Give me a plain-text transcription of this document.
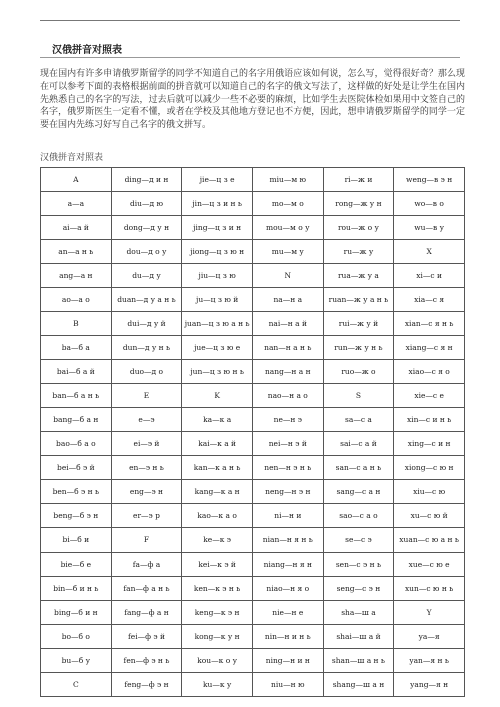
汉俄拼音对照表
现在国内有许多申请俄罗斯留学的同学不知道自己的名字用俄语应该如何说，怎么写，觉得很好奇？那么现在可以参考下面的表格根据前面的拼音就可以知道自己的名字的俄文写法了，这样做的好处是让学生在国内先熟悉自己的名字的写法，过去后就可以减少一些不必要的麻烦，比如学生去医院体检如果用中文签自己的名字，俄罗斯医生一定看不懂，或者在学校及其他地方登记也不方便，因此，想申请俄罗斯留学的同学一定要在国内先练习好写自己名字的俄文拼写。
汉俄拼音对照表
A	ding—д и н	jie—ц з е	miu—м ю	ri—ж и	weng—в э н
a—а	diu—д ю	jin—ц з и н ь	mo—м о	rong—ж у н	wo—в о
ai—а й	dong—д у н	jing—ц з и н	mou—м о у	rou—ж о у	wu—в у
an—а н ь	dou—д о у	jiong—ц з ю н	mu—м у	ru—ж у	X
ang—а н	du—д у	jiu—ц з ю	N	rua—ж у а	xi—с и
ao—а о	duan—д у а н ь	ju—ц з ю й	na—н а	ruan—ж у а н ь	xia—с я
B	dui—д у й	juan—ц з ю а н ь	nai—н а й	rui—ж у й	xian—с я н ь
ba—б а	dun—д у н ь	jue—ц з ю е	nan—н а н ь	run—ж у н ь	xiang—с я н
bai—б а й	duo—д о	jun—ц з ю н ь	nang—н а н	ruo—ж о	xiao—с я о
ban—б а н ь	E	K	nao—н а о	S	xie—с е
bang—б а н	e—э	ka—к а	ne—н э	sa—с а	xin—с и н ь
bao—б а о	ei—э й	kai—к а й	nei—н э й	sai—с а й	xing—с и н
bei—б э й	en—э н ь	kan—к а н ь	nen—н э н ь	san—с а н ь	xiong—с ю н
ben—б э н ь	eng—э н	kang—к а н	neng—н э н	sang—с а н	xiu—с ю
beng—б э н	er—э р	kao—к а о	ni—н и	sao—с а о	xu—с ю й
bi—б и	F	ke—к э	nian—н я н ь	se—с э	xuan—с ю а н ь
bie—б е	fa—ф а	kei—к э й	niang—н я н	sen—с э н ь	xue—с ю е
bin—б и н ь	fan—ф а н ь	ken—к э н ь	niao—н я о	seng—с э н	xun—с ю н ь
bing—б и н	fang—ф а н	keng—к э н	nie—н е	sha—ш а	Y
bo—б о	fei—ф э й	kong—к у н	nin—н и н ь	shai—ш а й	ya—я
bu—б у	fen—ф э н ь	kou—к о у	ning—н и н	shan—ш а н ь	yan—я н ь
C	feng—ф э н	ku—к у	niu—н ю	shang—ш а н	yang—я н
